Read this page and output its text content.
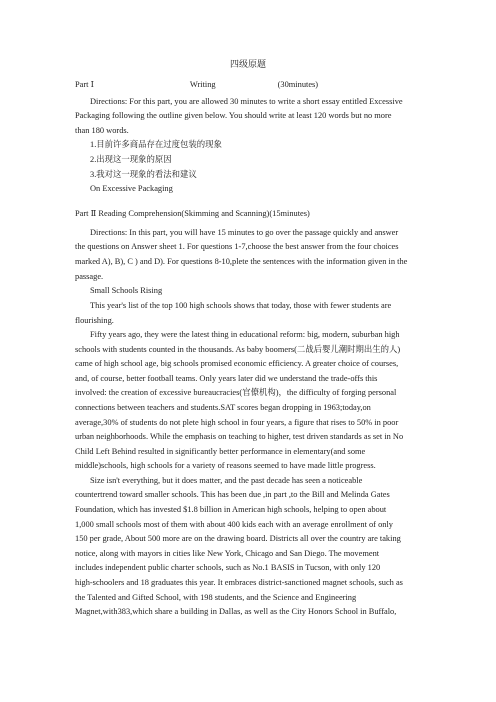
四级原题
Part Ⅰ	Writing	(30minutes)
Directions: For this part, you are allowed 30 minutes to write a short essay entitled Excessive
Packaging following the outline given below. You should write at least 120 words but no more
than 180 words.
1.目前许多商品存在过度包装的现象
2.出现这一现象的原因
3.我对这一现象的看法和建议
On Excessive Packaging
Part Ⅱ Reading Comprehension(Skimming and Scanning)(15minutes)
Directions: In this part, you will have 15 minutes to go over the passage quickly and answer
the questions on Answer sheet 1. For questions 1-7,choose the best answer from the four choices
marked A), B), C ) and D). For questions 8-10,plete the sentences with the information given in the
passage.
Small Schools Rising
This year's list of the top 100 high schools shows that today, those with fewer students are
flourishing.
Fifty years ago, they were the latest thing in educational reform: big, modern, suburban high
schools with students counted in the thousands. As baby boomers(二战后婴儿潮时期出生的人)
came of high school age, big schools promised economic efficiency. A greater choice of courses,
and, of course, better football teams. Only years later did we understand the trade-offs this
involved: the creation of excessive bureaucracies(官僚机构)，the difficulty of forging personal
connections between teachers and students.SAT scores began dropping in 1963;today,on
average,30% of students do not plete high school in four years, a figure that rises to 50% in poor
urban neighborhoods. While the emphasis on teaching to higher, test driven standards as set in No
Child Left Behind resulted in significantly better performance in elementary(and some
middle)schools, high schools for a variety of reasons seemed to have made little progress.
Size isn't everything, but it does matter, and the past decade has seen a noticeable
countertrend toward smaller schools. This has been due ,in part ,to the Bill and Melinda Gates
Foundation, which has invested $1.8 billion in American high schools, helping to open about
1,000 small schools most of them with about 400 kids each with an average enrollment of only
150 per grade, About 500 more are on the drawing board. Districts all over the country are taking
notice, along with mayors in cities like New York, Chicago and San Diego. The movement
includes independent public charter schools, such as No.1 BASIS in Tucson, with only 120
high-schoolers and 18 graduates this year. It embraces district-sanctioned magnet schools, such as
the Talented and Gifted School, with 198 students, and the Science and Engineering
Magnet,with383,which share a building in Dallas, as well as the City Honors School in Buffalo,
